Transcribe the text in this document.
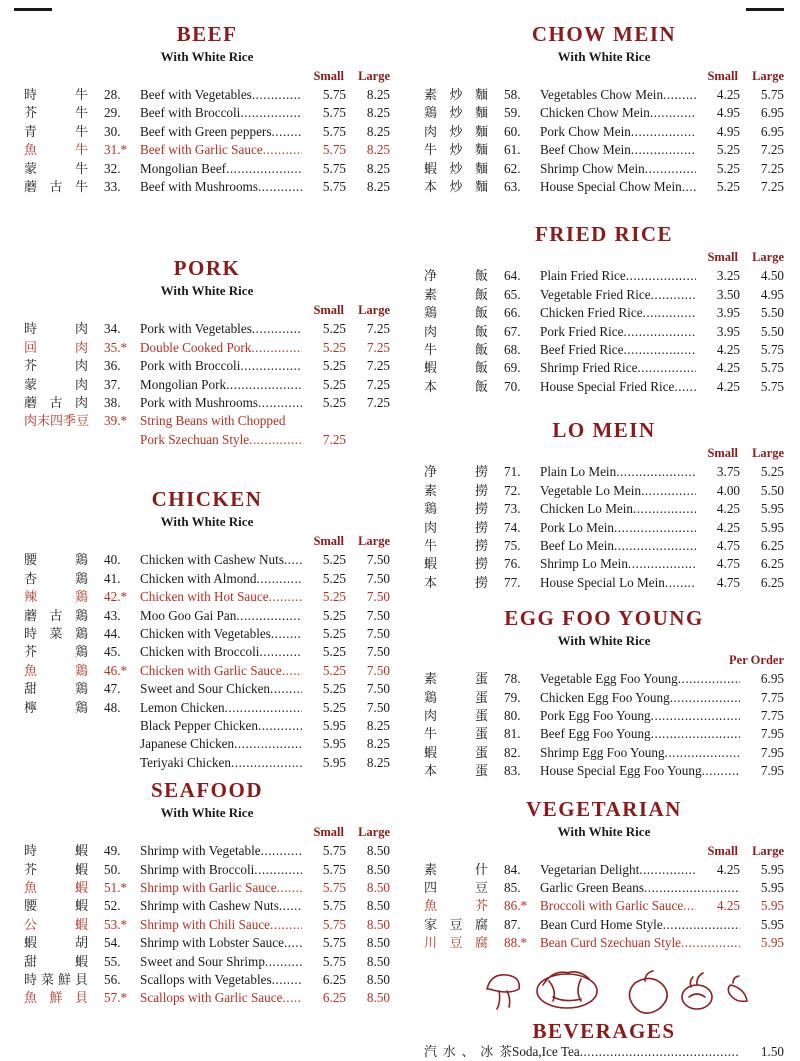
BEEF
With White Rice
Small	Large
時	牛 28.	Beef with Vegetables .....	5.75	8.25
芥	牛 29.	Beef with Broccoli .....	5.75	8.25
青	牛 30.	Beef with Green peppers .....	5.75	8.25
魚	牛 31.* Beef with Garlic Sauce .....	5.75	8.25
蒙	牛 32.	Mongolian Beef .....	5.75	8.25
蘑 古 牛 33.	Beef with Mushrooms .....	5.75	8.25
PORK
With White Rice
Small	Large
時	肉 34.	Pork with Vegetables .....	5.25	7.25
回	肉 35.* Double Cooked Pork .....	5.25	7.25
芥	肉 36.	Pork with Broccoli .....	5.25	7.25
蒙	肉 37.	Mongolian Pork .....	5.25	7.25
蘑 古 肉 38.	Pork with Mushrooms .....	5.25	7.25
肉 末 四 季 豆 39.* String Beans with Chopped
Pork Szechuan Style .....	7.25
CHICKEN
With White Rice
Small	Large
腰	鶏 40.	Chicken with Cashew Nuts .....	5.25	7.50
杏	鶏 41.	Chicken with Almond .....	5.25	7.50
辣	鶏 42.* Chicken with Hot Sauce .....	5.25	7.50
蘑 古 鶏 43.	Moo Goo Gai Pan .....	5.25	7.50
時 菜 鶏 44.	Chicken with Vegetables .....	5.25	7.50
芥	鶏 45.	Chicken with Broccoli .....	5.25	7.50
魚	鶏 46.* Chicken with Garlic Sauce .....	5.25	7.50
甜	鶏 47.	Sweet and Sour Chicken .....	5.25	7.50
檸	鶏 48.	Lemon Chicken .....	5.25	7.50
Black Pepper Chicken .....	5.95	8.25
Japanese Chicken .....	5.95	8.25
Teriyaki Chicken .....	5.95	8.25
SEAFOOD
With White Rice
Small	Large
時	蝦 49.	Shrimp with Vegetable .....	5.75	8.50
芥	蝦 50.	Shrimp with Broccoli .....	5.75	8.50
魚	蝦 51.* Shrimp with Garlic Sauce .....	5.75	8.50
腰	蝦 52.	Shrimp with Cashew Nuts .....	5.75	8.50
公	蝦 53.* Shrimp with Chili Sauce .....	5.75	8.50
蝦	胡 54.	Shrimp with Lobster Sauce .....	5.75	8.50
甜	蝦 55.	Sweet and Sour Shrimp .....	5.75	8.50
時 菜 鮮 貝 56.	Scallops with Vegetables .....	6.25	8.50
魚 鮮 貝 57.* Scallops with Garlic Sauce .....	6.25	8.50
CHOW MEIN
With White Rice
Small	Large
素 炒 麵 58.	Vegetables Chow Mein .....	4.25	5.75
鶏 炒 麵 59.	Chicken Chow Mein .....	4.95	6.95
肉 炒 麵 60.	Pork Chow Mein .....	4.95	6.95
牛 炒 麵 61.	Beef Chow Mein .....	5.25	7.25
蝦 炒 麵 62.	Shrimp Chow Mein .....	5.25	7.25
本 炒 麵 63.	House Special Chow Mein .....	5.25	7.25
FRIED RICE
Small	Large
净	飯 64.	Plain Fried Rice .....	3.25	4.50
素	飯 65.	Vegetable Fried Rice .....	3.50	4.95
鶏	飯 66.	Chicken Fried Rice .....	3.95	5.50
肉	飯 67.	Pork Fried Rice .....	3.95	5.50
牛	飯 68.	Beef Fried Rice .....	4.25	5.75
蝦	飯 69.	Shrimp Fried Rice .....	4.25	5.75
本	飯 70.	House Special Fried Rice .....	4.25	5.75
LO MEIN
Small	Large
净	撈 71.	Plain Lo Mein .....	3.75	5.25
素	撈 72.	Vegetable Lo Mein .....	4.00	5.50
鶏	撈 73.	Chicken Lo Mein .....	4.25	5.95
肉	撈 74.	Pork Lo Mein .....	4.25	5.95
牛	撈 75.	Beef Lo Mein .....	4.75	6.25
蝦	撈 76.	Shrimp Lo Mein .....	4.75	6.25
本	撈 77.	House Special Lo Mein .....	4.75	6.25
EGG FOO YOUNG
With White Rice
Per Order
素	蛋 78.	Vegetable Egg Foo Young .....	6.95
鶏	蛋 79.	Chicken Egg Foo Young .....	7.75
肉	蛋 80.	Pork Egg Foo Young .....	7.75
牛	蛋 81.	Beef Egg Foo Young .....	7.95
蝦	蛋 82.	Shrimp Egg Foo Young .....	7.95
本	蛋 83.	House Special Egg Foo Young .....	7.95
VEGETARIAN
With White Rice
Small	Large
素	什 84.	Vegetarian Delight .....	4.25	5.95
四	豆 85.	Garlic Green Beans .....	5.95
魚	芥 86.* Broccoli with Garlic Sauce .....	4.25	5.95
家 豆 腐 87.	Bean Curd Home Style .....	5.95
川 豆 腐 88.* Bean Curd Szechuan Style .....	5.95
BEVERAGES
汽 水 、 冰 茶 Soda,Ice Tea .....	1.50
